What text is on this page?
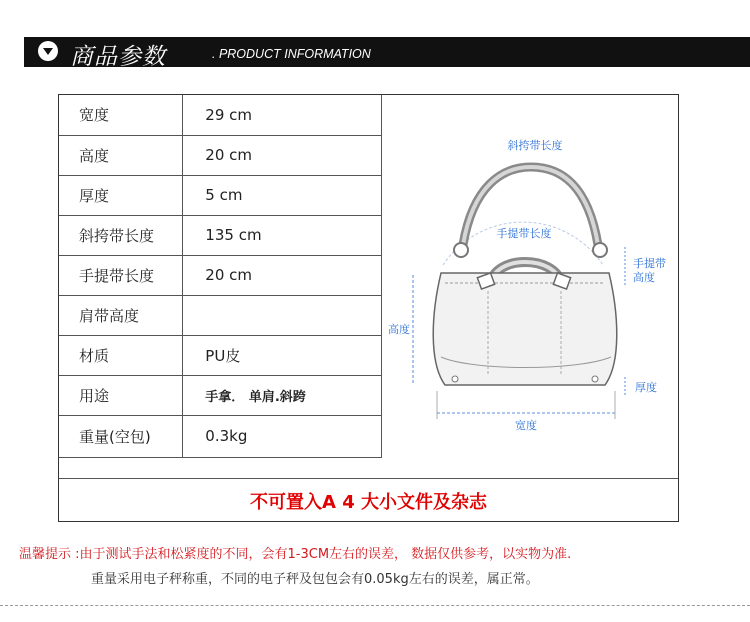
商品参数	. PRODUCT INFORMATION
宽度	29 cm
高度	20 cm
厚度	5 cm
斜挎带长度	135 cm
手提带长度	20 cm
肩带高度	
材质	PU皮
用途	手拿． 单肩.斜跨
重量(空包)	0.3kg
斜挎带长度
手提带长度
手提带
高度
高度
厚度
宽度
不可置入A 4 大小文件及杂志
温馨提示 :由于测试手法和松紧度的不同，会有1-3CM左右的误差， 数据仅供参考，以实物为准.
重量采用电子秤称重，不同的电子秤及包包会有0.05kg左右的误差，属正常。
